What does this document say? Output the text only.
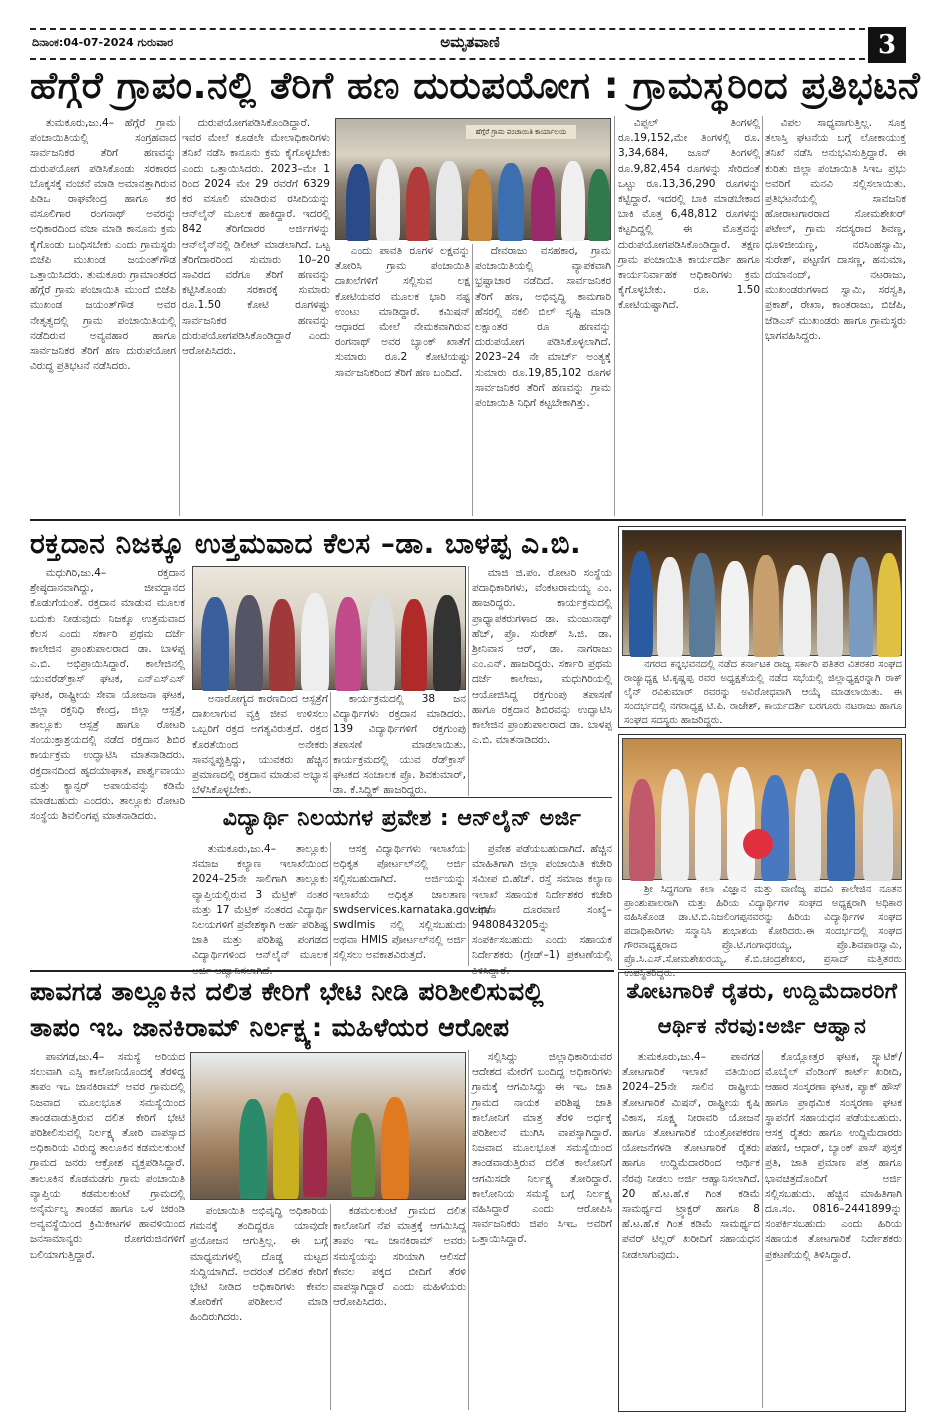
ದಿನಾಂಕ:04-07-2024 ಗುರುವಾರ	ಅಮೃತವಾಣಿ	3
ಹೆಗ್ಗೆರೆ ಗ್ರಾಪಂ.ನಲ್ಲಿ ತೆರಿಗೆ ಹಣ ದುರುಪಯೋಗ : ಗ್ರಾಮಸ್ಥರಿಂದ ಪ್ರತಿಭಟನೆ
ತುಮಕೂರು,ಜು.4– ಹೆಗ್ಗೆರೆ ಗ್ರಾಮ ಪಂಚಾಯಿತಿಯಲ್ಲಿ ಸಂಗ್ರಹವಾದ ಸಾರ್ವಜನಿಕರ ತೆರಿಗೆ ಹಣವನ್ನು ದುರುಪಯೋಗ ಪಡಿಸಿಕೊಂಡು ಸರಕಾರದ ಬೊಕ್ಕಸಕ್ಕೆ ವಂಚನೆ ಮಾಡಿ ಅಮಾನತ್ತಾಗಿರುವ ಪಿಡಿಒ ರಾಘವೇಂದ್ರ ಹಾಗೂ ಕರ ವಸೂಲಿಗಾರ ರಂಗನಾಥ್ ಅವರನ್ನು ಅಧಿಕಾರದಿಂದ ವಜಾ ಮಾಡಿ ಕಾನೂನು ಕ್ರಮ ಕೈಗೊಂಡು ಬಂಧಿಸಬೇಕು ಎಂದು ಗ್ರಾಮಸ್ಥರು ಬಿಜೆಪಿ ಮುಖಂಡ ಜಯಂತ್‌ಗೌಡ ಒತ್ತಾಯಿಸಿದರು. ತುಮಕೂರು ಗ್ರಾಮಾಂತರದ ಹೆಗ್ಗೆರೆ ಗ್ರಾಮ ಪಂಚಾಯಿತಿ ಮುಂದೆ ಬಿಜೆಪಿ ಮುಖಂಡ ಜಯಂತ್‌ಗೌಡ ಅವರ ನೇತೃತ್ವದಲ್ಲಿ ಗ್ರಾಮ ಪಂಚಾಯಿತಿಯಲ್ಲಿ ನಡೆದಿರುವ ಅವ್ಯವಹಾರ ಹಾಗೂ ಸಾರ್ವಜನಿಕರ ತೆರಿಗೆ ಹಣ ದುರುಪಯೋಗ ವಿರುದ್ಧ ಪ್ರತಿಭಟನೆ ನಡೆಸಿದರು.
ದುರುಪಯೋಗಪಡಿಸಿಕೊಂಡಿದ್ದಾರೆ. ಇವರ ಮೇಲೆ ಕೂಡಲೇ ಮೇಲಾಧಿಕಾರಿಗಳು ತನಿಖೆ ನಡೆಸಿ ಕಾನೂನು ಕ್ರಮ ಕೈಗೊಳ್ಳಬೇಕು ಎಂದು ಒತ್ತಾಯಿಸಿದರು. 2023–ಮೇ 1 ರಿಂದ 2024 ಮೇ 29 ರವರೆಗೆ 6329 ಕರ ವಸೂಲಿ ಮಾಡಿರುವ ರಸೀದಿಯನ್ನು ಆನ್‌ಲೈನ್ ಮೂಲಕ ಹಾಕಿದ್ದಾರೆ. ಇದರಲ್ಲಿ 842 ತೆರಿಗೆದಾರರ ಅರ್ಜಿಗಳನ್ನು ಆನ್‌ಲೈನ್‌ನಲ್ಲಿ ಡಿಲೀಟ್ ಮಾಡಲಾಗಿದೆ. ಒಟ್ಟ ತೆರಿಗೆದಾರರಿಂದ ಸುಮಾರು 10–20 ಸಾವಿರದ ವರೆಗೂ ತೆರಿಗೆ ಹಣವನ್ನು ಕಟ್ಟಿಸಿಕೊಂಡು ಸರಕಾರಕ್ಕೆ ಸುಮಾರು ರೂ.1.50 ಕೋಟಿ ರೂಗಳಷ್ಟು ಸಾರ್ವಜನಿಕರ ಹಣವನ್ನು ದುರುಪಯೋಗಪಡಿಸಿಕೊಂಡಿದ್ದಾರೆ ಎಂದು ಆರೋಪಿಸಿದರು.
ಹೆಗ್ಗೆರೆ ಗ್ರಾಮ ಪಂಚಾಯಿತಿ ಕಾರ್ಯಾಲಯ
ಎಂದು ಪಾವತಿ ರೂಗಳ ಲಕ್ಷವನ್ನು ತೋರಿಸಿ ಗ್ರಾಮ ಪಂಚಾಯಿತಿ ದಾಖಲೆಗಳಿಗೆ ಸಲ್ಲಿಸುವ ಲಕ್ಷ ಕೋಟಿಯವರ ಮೂಲಕ ಭಾರಿ ನಷ್ಟ ಉಂಟು ಮಾಡಿದ್ದಾರೆ. ಕಮಿಷನ್ ಆಧಾರದ ಮೇಲೆ ನೇಮಕವಾಗಿರುವ ರಂಗನಾಥ್ ಅವರ ಬ್ಯಾಂಕ್ ಖಾತೆಗೆ ಸುಮಾರು ರೂ.2 ಕೋಟಿಯಷ್ಟು ಸಾರ್ವಜನಿಕರಿಂದ ತೆರಿಗೆ ಹಣ ಬಂದಿದೆ.
ದೇವರಾಜು ವಸಹಕಾರ, ಗ್ರಾಮ ಪಂಚಾಯಿತಿಯಲ್ಲಿ ವ್ಯಾಪಕವಾಗಿ ಭ್ರಷ್ಟಾಚಾರ ನಡೆದಿದೆ. ಸಾರ್ವಜನಿಕರ ತೆರಿಗೆ ಹಣ, ಅಭಿವೃದ್ಧಿ ಕಾಮಗಾರಿ ಹೆಸರಲ್ಲಿ ನಕಲಿ ಬಿಲ್ ಸೃಷ್ಟಿ ಮಾಡಿ ಲಕ್ಷಾಂತರ ರೂ ಹಣವನ್ನು ದುರುಪಯೋಗ ಪಡಿಸಿಕೊಳ್ಳಲಾಗಿದೆ. 2023–24 ನೇ ಮಾರ್ಚ್ ಅಂತ್ಯಕ್ಕೆ ಸುಮಾರು ರೂ.19,85,102 ರೂಗಳ ಸಾರ್ವಜನಿಕರ ತೆರಿಗೆ ಹಣವನ್ನು ಗ್ರಾಮ ಪಂಚಾಯಿತಿ ನಿಧಿಗೆ ಕಟ್ಟಬೇಕಾಗಿತ್ತು.
ವಿಪ್ಪಲ್ ತಿಂಗಳಲ್ಲಿ ರೂ.19,152,ಮೇ ತಿಂಗಳಲ್ಲಿ ರೂ. 3,34,684, ಜೂನ್ ತಿಂಗಳಲ್ಲಿ ರೂ.9,82,454 ರೂಗಳನ್ನು ಸೇರಿದಂತೆ ಒಟ್ಟು ರೂ.13,36,290 ರೂಗಳನ್ನು ಕಟ್ಟಿದ್ದಾರೆ. ಇದರಲ್ಲಿ ಬಾಕಿ ಮಾಡಬೇಕಾದ ಬಾಕಿ ಮೊತ್ತ 6,48,812 ರೂಗಳನ್ನು ಕಟ್ಟದಿದ್ದಲ್ಲಿ ಈ ಮೊತ್ತವನ್ನು ದುರುಪಯೋಗಪಡಿಸಿಕೊಂಡಿದ್ದಾರೆ. ತಕ್ಷಣ ಗ್ರಾಮ ಪಂಚಾಯಿತಿ ಕಾರ್ಯದರ್ಶಿ ಹಾಗೂ ಕಾರ್ಯನಿರ್ವಾಹಕ ಅಧಿಕಾರಿಗಳು ಕ್ರಮ ಕೈಗೊಳ್ಳಬೇಕು. ರೂ. 1.50 ಕೋಟಿಯಷ್ಟಾಗಿದೆ.
ವಿಪಲ ಸಾಧ್ಯವಾಗುತ್ತಿಲ್ಲ. ಸೂಕ್ತ ತಲಾಸ್ತಿ ಘಟನೆಯ ಬಗ್ಗೆ ಲೋಕಾಯುಕ್ತ ತನಿಖೆ ನಡೆಸಿ ಅನುಭವಿಸುತ್ತಿದ್ದಾರೆ. ಈ ಕುರಿತು ಜಿಲ್ಲಾ ಪಂಚಾಯಿತಿ ಸಿಇಒ ಪ್ರಭು ಅವರಿಗೆ ಮನವಿ ಸಲ್ಲಿಸಲಾಯಿತು. ಪ್ರತಿಭಟನೆಯಲ್ಲಿ ಸಾವಜನಿಕ ಹೋರಾಟಗಾರರಾದ ಸೋಮಶೇಖರ್ ಪಟೇಲ್, ಗ್ರಾಮ ಸದಸ್ಯರಾದ ಶಿವಣ್ಣ, ಧೂಳಿಜೀಯಣ್ಣ, ನರಸಿಂಹಸ್ವಾಮಿ, ಸುರೇಶ್, ಪಟ್ಟಣಿಗ ದಾಸಣ್ಣ, ಹನುಮಾ, ದಯಾನಂದ್, ನಟರಾಜು, ಮುಖಂಡರುಗಳಾದ ಸ್ವಾಮಿ, ಸರಸ್ವತಿ, ಪ್ರಕಾಶ್, ರೇಖಾ, ಕಾಂತರಾಜು, ಬಿಜೆಪಿ, ಜೆಡಿಎಸ್ ಮುಖಂಡರು ಹಾಗೂ ಗ್ರಾಮಸ್ಥರು ಭಾಗವಹಿಸಿದ್ದರು.
ರಕ್ತದಾನ ನಿಜಕ್ಕೂ ಉತ್ತಮವಾದ ಕೆಲಸ –ಡಾ. ಬಾಳಪ್ಪ ಎ.ಬಿ.
ಮಧುಗಿರಿ,ಜು.4– ರಕ್ತದಾನ ಶ್ರೇಷ್ಠದಾನವಾಗಿದ್ದು, ಜೀವದ್ದಾನದ ಕೊಡುಗೆಯಂತೆ. ರಕ್ತದಾನ ಮಾಡುವ ಮೂಲಕ ಬದುಕು ನೀಡುವುದು ನಿಜಕ್ಕೂ ಉತ್ತಮವಾದ ಕೆಲಸ ಎಂದು ಸರ್ಕಾರಿ ಪ್ರಥಮ ದರ್ಜೆ ಕಾಲೇಜಿನ ಪ್ರಾಂಶುಪಾಲರಾದ ಡಾ. ಬಾಳಪ್ಪ ಎ.ಬಿ. ಅಭಿಪ್ರಾಯಿಸಿದ್ದಾರೆ. ಕಾಲೇಜಿನಲ್ಲಿ ಯುವರೆಡ್‌ಕ್ರಾಸ್ ಘಟಕ, ಎನ್‌ಎಸ್‌ಎಸ್ ಘಟಕ, ರಾಷ್ಟ್ರೀಯ ಸೇವಾ ಯೋಜನಾ ಘಟಕ, ಜಿಲ್ಲಾ ರಕ್ತನಿಧಿ ಕೇಂದ್ರ, ಜಿಲ್ಲಾ ಆಸ್ಪತ್ರೆ, ತಾಲ್ಲೂಕು ಆಸ್ಪತ್ರೆ ಹಾಗೂ ರೋಟರಿ ಸಂಯುಕ್ತಾಶ್ರಯದಲ್ಲಿ ನಡೆದ ರಕ್ತದಾನ ಶಿಬಿರ ಕಾರ್ಯಕ್ರಮ ಉದ್ಘಾಟಿಸಿ ಮಾತನಾಡಿದರು. ರಕ್ತದಾನದಿಂದ ಹೃದಯಾಘಾತ, ಪಾರ್ಶ್ವವಾಯು ಮತ್ತು ಕ್ಯಾನ್ಸರ್ ಅಪಾಯವನ್ನು ಕಡಿಮೆ ಮಾಡಬಹುದು ಎಂದರು. ತಾಲ್ಲೂಕು ರೋಟರಿ ಸಂಸ್ಥೆಯ ಶಿವಲಿಂಗಪ್ಪ ಮಾತನಾಡಿದರು.
ಅನಾರೋಗ್ಯದ ಕಾರಣದಿಂದ ಆಸ್ಪತ್ರೆಗೆ ದಾಖಲಾಗುವ ವ್ಯಕ್ತಿ ಜೀವ ಉಳಿಸಲು ಒಬ್ಬರಿಗೆ ರಕ್ತದ ಅಗತ್ಯವಿರುತ್ತದೆ. ರಕ್ತದ ಕೊರತೆಯಿಂದ ಅನೇಕರು ಸಾವನ್ನಪ್ಪುತ್ತಿದ್ದು, ಯುವಕರು ಹೆಚ್ಚಿನ ಪ್ರಮಾಣದಲ್ಲಿ ರಕ್ತದಾನ ಮಾಡುವ ಅಭ್ಯಾಸ ಬೆಳೆಸಿಕೊಳ್ಳಬೇಕು.
ಕಾರ್ಯಕ್ರಮದಲ್ಲಿ 38 ಜನ ವಿದ್ಯಾರ್ಥಿಗಳು ರಕ್ತದಾನ ಮಾಡಿದರು. 139 ವಿದ್ಯಾರ್ಥಿಗಳಿಗೆ ರಕ್ತಗುಂಪು ತಪಾಸಣೆ ಮಾಡಲಾಯಿತು. ಕಾರ್ಯಕ್ರಮದಲ್ಲಿ ಯುವ ರೆಡ್‌ಕ್ರಾಸ್ ಘಟಕದ ಸಂಚಾಲಕ ಪ್ರೊ. ಶಿವಕುಮಾರ್, ಡಾ. ಕೆ.ಸಿದ್ದಿಕ್ ಹಾಜರಿದ್ದರು.
ಮಾಜಿ ಜಿ.ಪಂ. ರೋಟರಿ ಸಂಸ್ಥೆಯ ಪದಾಧಿಕಾರಿಗಳು, ವೆಂಕಟರಾಮಯ್ಯ ಎಂ. ಹಾಜರಿದ್ದರು. ಕಾರ್ಯಕ್ರಮದಲ್ಲಿ ಪ್ರಾಧ್ಯಾಪಕರುಗಳಾದ ಡಾ. ಮಂಜುನಾಥ್ ಹೆಚ್, ಪ್ರೊ. ಸುರೇಶ್ ಸಿ.ಜಿ. ಡಾ. ಶ್ರೀನಿವಾಸ ಆರ್, ಡಾ. ನಾಗರಾಜು ಎಂ.ಎನ್. ಹಾಜರಿದ್ದರು. ಸರ್ಕಾರಿ ಪ್ರಥಮ ದರ್ಜೆ ಕಾಲೇಜು, ಮಧುಗಿರಿಯಲ್ಲಿ ಆಯೋಜಿಸಿದ್ದ ರಕ್ತಗುಂಪು ತಪಾಸಣೆ ಹಾಗೂ ರಕ್ತದಾನ ಶಿಬಿರವನ್ನು ಉದ್ಘಾಟಿಸಿ ಕಾಲೇಜಿನ ಪ್ರಾಂಶುಪಾಲರಾದ ಡಾ. ಬಾಳಪ್ಪ ಎ.ಬಿ. ಮಾತನಾಡಿದರು.
ವಿದ್ಯಾರ್ಥಿ ನಿಲಯಗಳ ಪ್ರವೇಶ : ಆನ್‌ಲೈನ್ ಅರ್ಜಿ
ತುಮಕೂರು,ಜು.4– ತಾಲ್ಲೂಕು ಸಮಾಜ ಕಲ್ಯಾಣ ಇಲಾಖೆಯಿಂದ 2024–25ನೇ ಸಾಲಿಗಾಗಿ ತಾಲ್ಲೂಕು ವ್ಯಾಪ್ತಿಯಲ್ಲಿರುವ 3 ಮೆಟ್ರಿಕ್ ನಂತರ ಮತ್ತು 17 ಮೆಟ್ರಿಕ್ ನಂತರದ ವಿದ್ಯಾರ್ಥಿ ನಿಲಯಗಳಿಗೆ ಪ್ರವೇಶಕ್ಕಾಗಿ ಅರ್ಹ ಪರಿಶಿಷ್ಟ ಜಾತಿ ಮತ್ತು ಪರಿಶಿಷ್ಟ ಪಂಗಡದ ವಿದ್ಯಾರ್ಥಿಗಳಿಂದ ಆನ್‌ಲೈನ್ ಮೂಲಕ ಅರ್ಜಿ ಆಹ್ವಾನಿಸಲಾಗಿದೆ.
ಆಸಕ್ತ ವಿದ್ಯಾರ್ಥಿಗಳು ಇಲಾಖೆಯ ಅಧಿಕೃತ ಪೋರ್ಟಲ್‌ನಲ್ಲಿ ಅರ್ಜಿ ಸಲ್ಲಿಸಬಹುದಾಗಿದೆ. ಅರ್ಜಿಯನ್ನು ಇಲಾಖೆಯ ಅಧಿಕೃತ ಜಾಲತಾಣ swdservices.karnataka.gov.in/ swdlmis ನಲ್ಲಿ ಸಲ್ಲಿಸಬಹುದು ಅಥವಾ HMIS ಪೋರ್ಟಲ್‌ನಲ್ಲಿ ಅರ್ಜಿ ಸಲ್ಲಿಸಲು ಅವಕಾಶವಿರುತ್ತದೆ.
ಪ್ರವೇಶ ಪಡೆಯಬಹುದಾಗಿದೆ. ಹೆಚ್ಚಿನ ಮಾಹಿತಿಗಾಗಿ ಜಿಲ್ಲಾ ಪಂಚಾಯಿತಿ ಕಚೇರಿ ಸಮೀಪ ಬಿ.ಹೆಚ್. ರಸ್ತೆ ಸಮಾಜ ಕಲ್ಯಾಣ ಇಲಾಖೆ ಸಹಾಯಕ ನಿರ್ದೇಶಕರ ಕಚೇರಿ ಅಥವಾ ದೂರವಾಣಿ ಸಂಖ್ಯೆ–9480843205ನ್ನು ಸಂಪರ್ಕಿಸಬಹುದು ಎಂದು ಸಹಾಯಕ ನಿರ್ದೇಶಕರು (ಗ್ರೇಡ್–1) ಪ್ರಕಟಣೆಯಲ್ಲಿ ತಿಳಿಸಿದ್ದಾರೆ.
ನಗರದ ಕನ್ನಭವನದಲ್ಲಿ ನಡೆದ ಕರ್ನಾಟಕ ರಾಜ್ಯ ಸರ್ಕಾರಿ ಪತಿತರ ವಿತರಕರ ಸಂಘದ ರಾಜ್ಯಾಧ್ಯಕ್ಷ ಟಿ.ಕೃಷ್ಣಪ್ಪ ರವರ ಅಧ್ಯಕ್ಷತೆಯಲ್ಲಿ ನಡೆದ ಸಭೆಯಲ್ಲಿ ಜಿಲ್ಲಾಧ್ಯಕ್ಷರನ್ನಾಗಿ ರಾಕ್ ಲೈನ್ ರವಿಕುಮಾರ್ ರವರನ್ನು ಅವಿರೋಧವಾಗಿ ಆಯ್ಕೆ ಮಾಡಲಾಯಿತು. ಈ ಸಂದರ್ಭದಲ್ಲಿ ನಗರಾಧ್ಯಕ್ಷ ಟಿ.ಪಿ. ರಾಜೇಶ್, ಕಾರ್ಯದರ್ಶಿ ಬರಗೂರು ನಟರಾಜು ಹಾಗೂ ಸಂಘದ ಸದಸ್ಯರು ಹಾಜರಿದ್ದರು.
ಶ್ರೀ ಸಿದ್ಧಗಂಗಾ ಕಲಾ ವಿಜ್ಞಾನ ಮತ್ತು ವಾಣಿಜ್ಯ ಪದವಿ ಕಾಲೇಜಿನ ನೂತನ ಪ್ರಾಂಶುಪಾಲರಾಗಿ ಮತ್ತು ಹಿರಿಯ ವಿದ್ಯಾರ್ಥಿಗಳ ಸಂಘದ ಅಧ್ಯಕ್ಷರಾಗಿ ಅಧಿಕಾರ ವಹಿಸಿಕೊಂಡ ಡಾ.ಟಿ.ಬಿ.ನಿಜಲಿಂಗಪ್ಪನವರನ್ನು ಹಿರಿಯ ವಿದ್ಯಾರ್ಥಿಗಳ ಸಂಘದ ಪದಾಧಿಕಾರಿಗಳು ಸನ್ಮಾನಿಸಿ ಶುಭಾಶಯ ಕೋರಿದರು.ಈ ಸಂದರ್ಭದಲ್ಲಿ ಸಂಘದ ಗೌರವಾಧ್ಯಕ್ಷರಾದ ಪ್ರೊ.ಟಿ.ಗಂಗಾಧರಯ್ಯ, ಪ್ರೊ.ಶಿವಪಾರಸ್ವಾಮಿ, ಪ್ರೊ.ಸಿ.ಎಸ್.ಸೋಮಶೇಖರಯ್ಯ, ಕೆ.ಬಿ.ಚಂದ್ರಶೇಖರ, ಪ್ರಸಾದ್ ಮತ್ತಿತರರು ಉಪಸ್ಥಿತರಿದ್ದರು.
ಪಾವಗಡ ತಾಲ್ಲೂಕಿನ ದಲಿತ ಕೇರಿಗೆ ಭೇಟಿ ನೀಡಿ ಪರಿಶೀಲಿಸುವಲ್ಲಿ
ತಾಪಂ ಇಒ ಜಾನಕಿರಾಮ್ ನಿರ್ಲಕ್ಷ್ಯ: ಮಹಿಳೆಯರ ಆರೋಪ
ಪಾವಗಡ,ಜು.4– ಸಮಸ್ಯೆ ಅರಿಯದ ಸಲುವಾಗಿ ಎಸ್ಸಿ ಕಾಲೋನಿಯೊಂದಕ್ಕೆ ತೆರಳಿದ್ದ ತಾಪಂ ಇಒ ಜಾನಕಿರಾಮ್ ಅವರ ಗ್ರಾಮದಲ್ಲಿ ನಿಜವಾದ ಮೂಲಭೂತ ಸಮಸ್ಯೆಯಿಂದ ತಾಂಡವಾಡುತ್ತಿರುವ ದಲಿತ ಕೇರಿಗೆ ಭೇಟಿ ಪರಿಶೀಲಿಸುವಲ್ಲಿ ನಿರ್ಲಕ್ಷ್ಯ ತೋರಿ ವಾಪಸ್ಸಾದ ಅಧಿಕಾರಿಯ ವಿರುದ್ಧ ತಾಲೂಕಿನ ಕಡಮಲಕುಂಟೆ ಗ್ರಾಮದ ಜನರು ಆಕ್ರೋಶ ವ್ಯಕ್ತಪಡಿಸಿದ್ದಾರೆ. ತಾಲೂಕಿನ ಕೊಡಮಡಗು ಗ್ರಾಮ ಪಂಚಾಯಿತಿ ವ್ಯಾಪ್ತಿಯ ಕಡಮಲಕುಂಟೆ ಗ್ರಾಮದಲ್ಲಿ ಅನೈರ್ಮಲ್ಯ ತಾಂಡವ ಹಾಗೂ ಒಳ ಚರಂಡಿ ಅವ್ಯವಸ್ಥೆಯಿಂದ ಕ್ರಿಮಿಕೀಟಗಳ ಹಾವಳಿಯಿಂದ ಜನಸಾಮಾನ್ಯರು ರೋಗರುಜಿನಗಳಿಗೆ ಬಲಿಯಾಗುತ್ತಿದ್ದಾರೆ.
ಪಂಚಾಯಿತಿ ಅಭಿವೃದ್ಧಿ ಅಧಿಕಾರಿಯ ಗಮನಕ್ಕೆ ತಂದಿದ್ದರೂ ಯಾವುದೇ ಪ್ರಯೋಜನ ಆಗುತ್ತಿಲ್ಲ. ಈ ಬಗ್ಗೆ ಮಾಧ್ಯಮಗಳಲ್ಲಿ ದೊಡ್ಡ ಮಟ್ಟದ ಸುದ್ದಿಯಾಗಿದೆ. ಅದರಂತೆ ದಲಿತರ ಕೇರಿಗೆ ಭೇಟಿ ನೀಡಿದ ಅಧಿಕಾರಿಗಳು ಕೇವಲ ತೋರಿಕೆಗೆ ಪರಿಶೀಲನೆ ಮಾಡಿ ಹಿಂದಿರುಗಿದರು.
ಕಡಮಲಕುಂಟೆ ಗ್ರಾಮದ ದಲಿತ ಕಾಲೋನಿಗೆ ನೆಪ ಮಾತ್ರಕ್ಕೆ ಆಗಮಿಸಿದ್ದ ತಾಪಂ ಇಒ ಜಾನಕಿರಾಮ್ ಅವರು ಸಮಸ್ಯೆಯನ್ನು ಸರಿಯಾಗಿ ಆಲಿಸದೆ ಕೇವಲ ಪಕ್ಕದ ಬೀದಿಗೆ ತೆರಳಿ ವಾಪಸ್ಸಾಗಿದ್ದಾರೆ ಎಂದು ಮಹಿಳೆಯರು ಆರೋಪಿಸಿದರು.
ಸಲ್ಲಿಸಿದ್ದು ಜಿಲ್ಲಾಧಿಕಾರಿಯವರ ಆದೇಶದ ಮೇರೆಗೆ ಬಂದಿದ್ದ ಅಧಿಕಾರಿಗಳು ಗ್ರಾಮಕ್ಕೆ ಆಗಮಿಸಿದ್ದು ಈ ಇಒ ಜಾತಿ ಗ್ರಾಮದ ನಾಯಕ ಪರಿಶಿಷ್ಟ ಜಾತಿ ಕಾಲೋನಿಗೆ ಮಾತ್ರ ತೆರಳಿ ಅರ್ಧಕ್ಕೆ ಪರಿಶೀಲನೆ ಮುಗಿಸಿ ವಾಪಸ್ಸಾಗಿದ್ದಾರೆ. ನಿಜವಾದ ಮೂಲಭೂತ ಸಮಸ್ಯೆಯಿಂದ ತಾಂಡವಾಡುತ್ತಿರುವ ದಲಿತ ಕಾಲೋನಿಗೆ ಆಗಮಿಸದೇ ನಿರ್ಲಕ್ಷ್ಯ ತೋರಿದ್ದಾರೆ. ಕಾಲೋನಿಯ ಸಮಸ್ಯೆ ಬಗ್ಗೆ ನಿರ್ಲಕ್ಷ್ಯ ವಹಿಸಿದ್ದಾರೆ ಎಂದು ಆರೋಪಿಸಿ ಸಾರ್ವಜನಿಕರು ಜಿಪಂ ಸಿಇಒ ಅವರಿಗೆ ಒತ್ತಾಯಿಸಿದ್ದಾರೆ.
ತೋಟಗಾರಿಕೆ ರೈತರು, ಉದ್ದಿಮೆದಾರರಿಗೆ ಆರ್ಥಿಕ ನೆರವು:ಅರ್ಜಿ ಆಹ್ವಾನ
ತುಮಕೂರು,ಜು.4– ಪಾವಗಡ ತೋಟಗಾರಿಕೆ ಇಲಾಖೆ ವತಿಯಿಂದ 2024–25ನೇ ಸಾಲಿನ ರಾಷ್ಟ್ರೀಯ ತೋಟಗಾರಿಕೆ ಮಿಷನ್, ರಾಷ್ಟ್ರೀಯ ಕೃಷಿ ವಿಕಾಸ, ಸೂಕ್ಷ್ಮ ನೀರಾವರಿ ಯೋಜನೆ ಹಾಗೂ ತೋಟಗಾರಿಕೆ ಯಂತ್ರೋಪಕರಣ ಯೋಜನೆಗಳಡಿ ತೋಟಗಾರಿಕೆ ರೈತರು ಹಾಗೂ ಉದ್ದಿಮೆದಾರರಿಂದ ಆರ್ಥಿಕ ನೆರವು ನೀಡಲು ಅರ್ಜಿ ಆಹ್ವಾನಿಸಲಾಗಿದೆ. 20 ಹೆ.ಟ.ಹೆ.ಕ ಗಿಂತ ಕಡಿಮೆ ಸಾಮರ್ಥ್ಯದ ಟ್ರ್ಯಾಕ್ಟರ್ ಹಾಗೂ 8 ಹೆ.ಟ.ಹೆ.ಕ ಗಿಂತ ಕಡಿಮೆ ಸಾಮರ್ಥ್ಯದ ಪವರ್ ಟಿಲ್ಲರ್ ಖರೀದಿಗೆ ಸಹಾಯಧನ ನೀಡಲಾಗುವುದು.
ಕೊಯ್ಲೋತ್ತರ ಘಟಕ, ಸ್ಟ್ಯಾಟಿಕ್/ ಮೊಬೈಲ್ ವೆಂಡಿಂಗ್ ಕಾರ್ಟ್ ಖರೀದಿ, ಆಹಾರ ಸಂಸ್ಕರಣಾ ಘಟಕ, ಪ್ಯಾಕ್ ಹೌಸ್ ಹಾಗೂ ಪ್ರಾಥಮಿಕ ಸಂಸ್ಕರಣಾ ಘಟಕ ಸ್ಥಾಪನೆಗೆ ಸಹಾಯಧನ ಪಡೆಯಬಹುದು. ಆಸಕ್ತ ರೈತರು ಹಾಗೂ ಉದ್ದಿಮೆದಾರರು ಪಹಣಿ, ಆಧಾರ್, ಬ್ಯಾಂಕ್ ಪಾಸ್ ಪುಸ್ತಕ ಪ್ರತಿ, ಜಾತಿ ಪ್ರಮಾಣ ಪತ್ರ ಹಾಗೂ ಭಾವಚಿತ್ರದೊಂದಿಗೆ ಅರ್ಜಿ ಸಲ್ಲಿಸಬಹುದು. ಹೆಚ್ಚಿನ ಮಾಹಿತಿಗಾಗಿ ದೂ.ಸಂ. 0816–2441899ನ್ನು ಸಂಪರ್ಕಿಸಬಹುದು ಎಂದು ಹಿರಿಯ ಸಹಾಯಕ ತೋಟಗಾರಿಕೆ ನಿರ್ದೇಶಕರು ಪ್ರಕಟಣೆಯಲ್ಲಿ ತಿಳಿಸಿದ್ದಾರೆ.
